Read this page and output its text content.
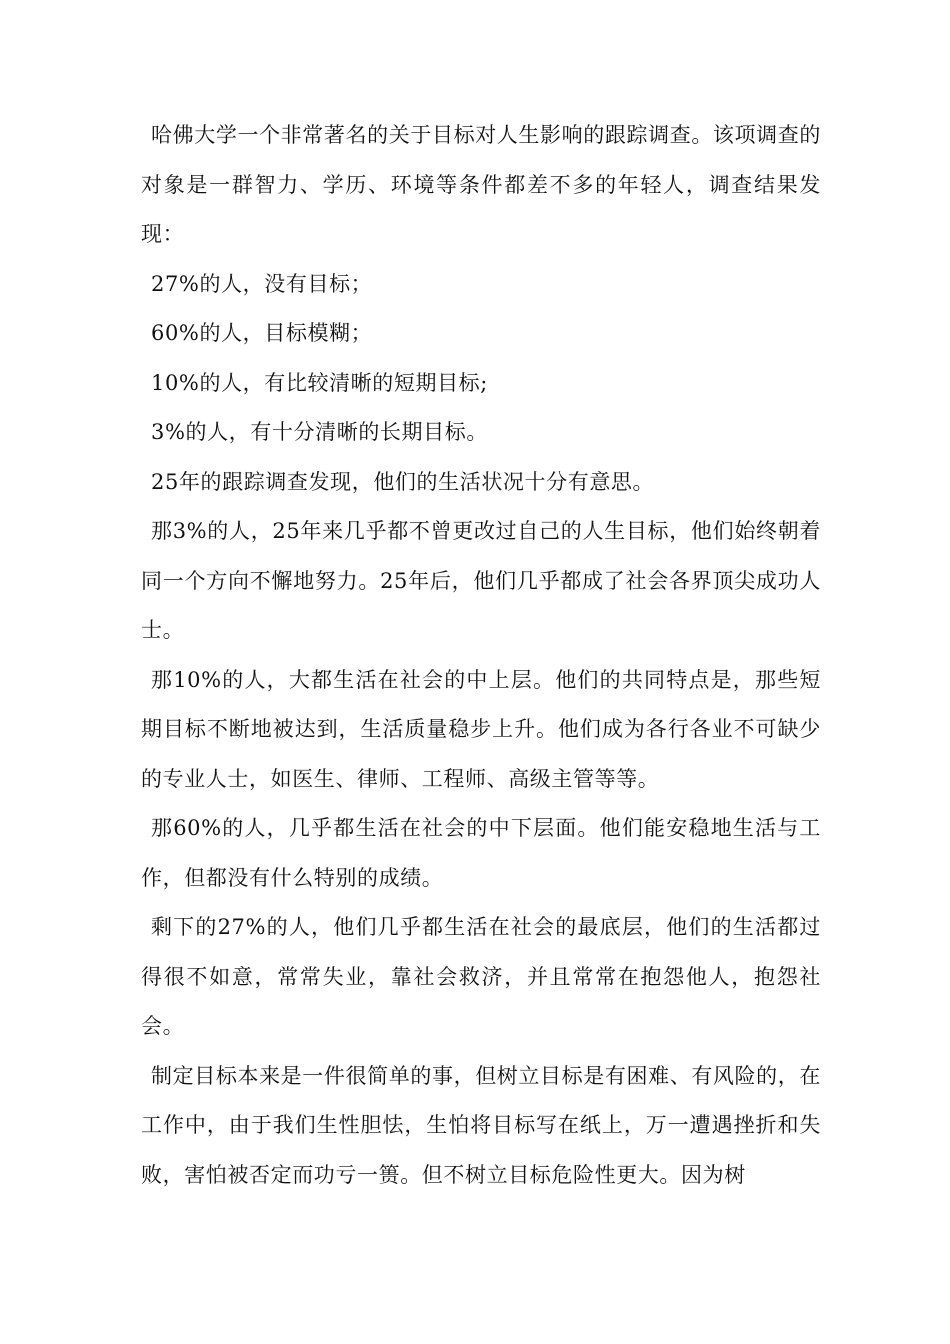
哈佛大学一个非常著名的关于目标对人生影响的跟踪调查。该项调查的对象是一群智力、学历、环境等条件都差不多的年轻人，调查结果发现：

27%的人，没有目标；

60%的人，目标模糊；

10%的人，有比较清晰的短期目标;

3%的人，有十分清晰的长期目标。

25年的跟踪调查发现，他们的生活状况十分有意思。

那3%的人，25年来几乎都不曾更改过自己的人生目标，他们始终朝着同一个方向不懈地努力。25年后，他们几乎都成了社会各界顶尖成功人士。

那10%的人，大都生活在社会的中上层。他们的共同特点是，那些短期目标不断地被达到，生活质量稳步上升。他们成为各行各业不可缺少的专业人士，如医生、律师、工程师、高级主管等等。

那60%的人，几乎都生活在社会的中下层面。他们能安稳地生活与工作，但都没有什么特别的成绩。

剩下的27%的人，他们几乎都生活在社会的最底层，他们的生活都过得很不如意，常常失业，靠社会救济，并且常常在抱怨他人，抱怨社会。

制定目标本来是一件很简单的事，但树立目标是有困难、有风险的，在工作中，由于我们生性胆怯，生怕将目标写在纸上，万一遭遇挫折和失败，害怕被否定而功亏一篑。但不树立目标危险性更大。因为树
